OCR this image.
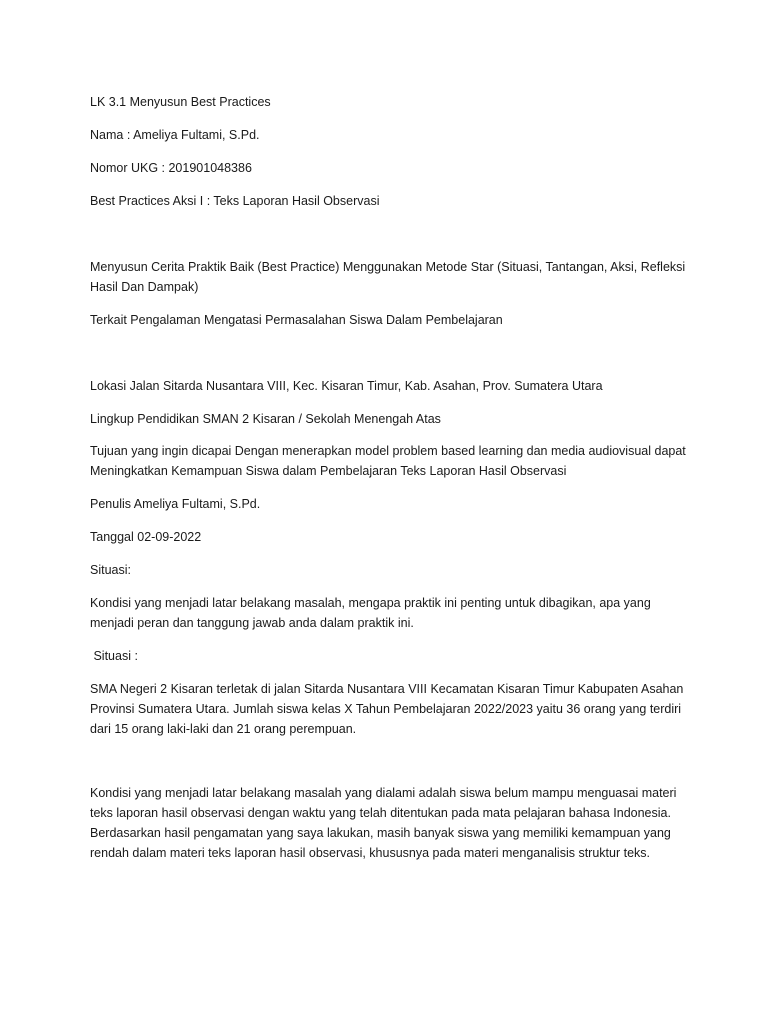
LK 3.1 Menyusun Best Practices

Nama : Ameliya Fultami, S.Pd.

Nomor UKG : 201901048386

Best Practices Aksi I : Teks Laporan Hasil Observasi

Menyusun Cerita Praktik Baik (Best Practice) Menggunakan Metode Star (Situasi, Tantangan, Aksi, Refleksi Hasil Dan Dampak)

Terkait Pengalaman Mengatasi Permasalahan Siswa Dalam Pembelajaran

Lokasi Jalan Sitarda Nusantara VIII, Kec. Kisaran Timur, Kab. Asahan, Prov. Sumatera Utara

Lingkup Pendidikan SMAN 2 Kisaran / Sekolah Menengah Atas

Tujuan yang ingin dicapai Dengan menerapkan model problem based learning dan media audiovisual dapat Meningkatkan Kemampuan Siswa dalam Pembelajaran Teks Laporan Hasil Observasi

Penulis Ameliya Fultami, S.Pd.

Tanggal 02-09-2022

Situasi:

Kondisi yang menjadi latar belakang masalah, mengapa praktik ini penting untuk dibagikan, apa yang menjadi peran dan tanggung jawab anda dalam praktik ini.

Situasi :

SMA Negeri 2 Kisaran terletak di jalan Sitarda Nusantara VIII Kecamatan Kisaran Timur Kabupaten Asahan Provinsi Sumatera Utara. Jumlah siswa kelas X Tahun Pembelajaran 2022/2023 yaitu 36 orang yang terdiri dari 15 orang laki-laki dan 21 orang perempuan.

Kondisi yang menjadi latar belakang masalah yang dialami adalah siswa belum mampu menguasai materi teks laporan hasil observasi dengan waktu yang telah ditentukan pada mata pelajaran bahasa Indonesia. Berdasarkan hasil pengamatan yang saya lakukan, masih banyak siswa yang memiliki kemampuan yang rendah dalam materi teks laporan hasil observasi, khususnya pada materi menganalisis struktur teks.
